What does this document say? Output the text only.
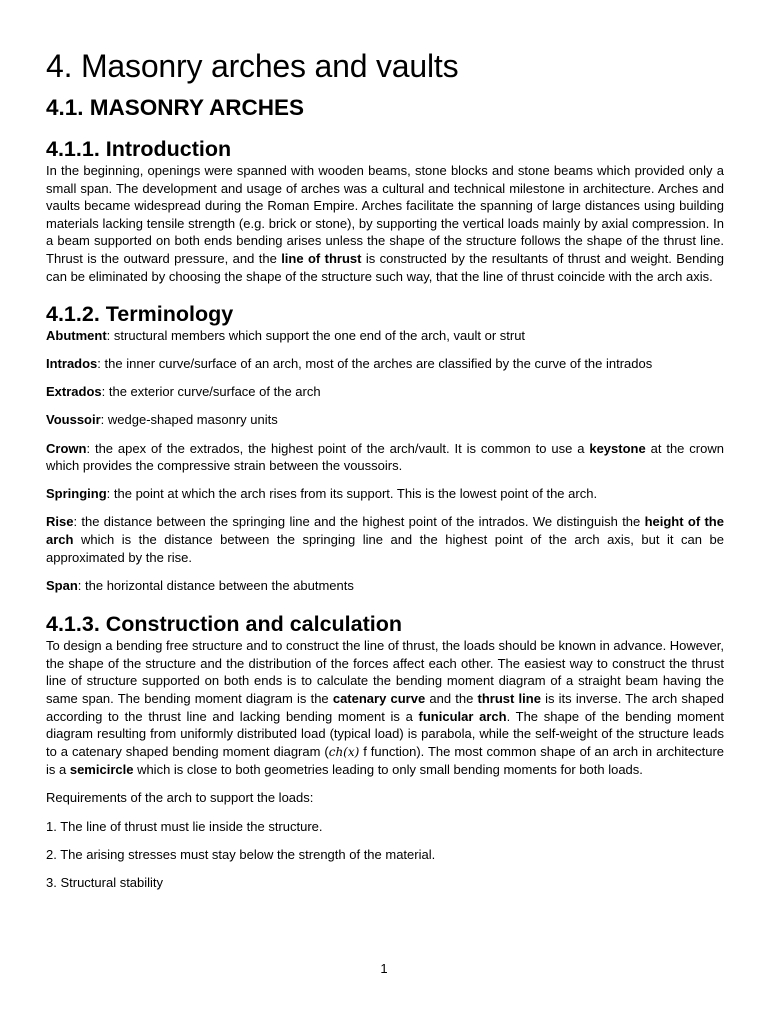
4. Masonry arches and vaults
4.1. MASONRY ARCHES
4.1.1. Introduction

In the beginning, openings were spanned with wooden beams, stone blocks and stone beams which provided only a small span. The development and usage of arches was a cultural and technical milestone in architecture. Arches and vaults became widespread during the Roman Empire. Arches facilitate the spanning of large distances using building materials lacking tensile strength (e.g. brick or stone), by supporting the vertical loads mainly by axial compression. In a beam supported on both ends bending arises unless the shape of the structure follows the shape of the thrust line. Thrust is the outward pressure, and the line of thrust is constructed by the resultants of thrust and weight. Bending can be eliminated by choosing the shape of the structure such way, that the line of thrust coincide with the arch axis.

4.1.2. Terminology

Abutment: structural members which support the one end of the arch, vault or strut

Intrados: the inner curve/surface of an arch, most of the arches are classified by the curve of the intrados

Extrados: the exterior curve/surface of the arch

Voussoir: wedge-shaped masonry units

Crown: the apex of the extrados, the highest point of the arch/vault. It is common to use a keystone at the crown which provides the compressive strain between the voussoirs.

Springing: the point at which the arch rises from its support. This is the lowest point of the arch.

Rise: the distance between the springing line and the highest point of the intrados. We distinguish the height of the arch which is the distance between the springing line and the highest point of the arch axis, but it can be approximated by the rise.

Span: the horizontal distance between the abutments

4.1.3. Construction and calculation

To design a bending free structure and to construct the line of thrust, the loads should be known in advance. However, the shape of the structure and the distribution of the forces affect each other. The easiest way to construct the thrust line of structure supported on both ends is to calculate the bending moment diagram of a straight beam having the same span. The bending moment diagram is the catenary curve and the thrust line is its inverse. The arch shaped according to the thrust line and lacking bending moment is a funicular arch. The shape of the bending moment diagram resulting from uniformly distributed load (typical load) is parabola, while the self-weight of the structure leads to a catenary shaped bending moment diagram (ch(x) f function). The most common shape of an arch in architecture is a semicircle which is close to both geometries leading to only small bending moments for both loads.

Requirements of the arch to support the loads:

1. The line of thrust must lie inside the structure.

2. The arising stresses must stay below the strength of the material.

3. Structural stability

1
